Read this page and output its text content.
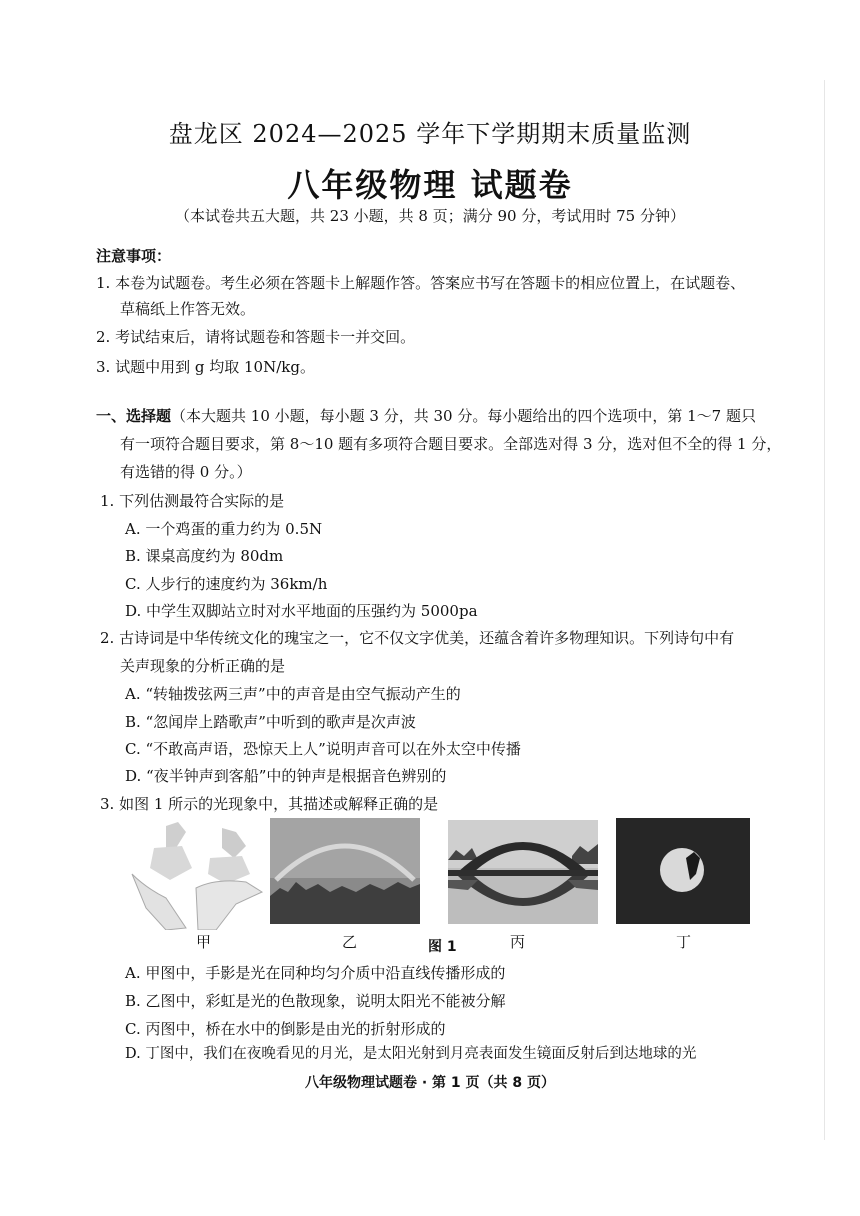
盘龙区 2024—2025 学年下学期期末质量监测
八年级物理 试题卷
（本试卷共五大题，共 23 小题，共 8 页；满分 90 分，考试用时 75 分钟）
注意事项：
1. 本卷为试题卷。考生必须在答题卡上解题作答。答案应书写在答题卡的相应位置上，在试题卷、
草稿纸上作答无效。
2. 考试结束后，请将试题卷和答题卡一并交回。
3. 试题中用到 g 均取 10N/kg。
一、选择题（本大题共 10 小题，每小题 3 分，共 30 分。每小题给出的四个选项中，第 1～7 题只
有一项符合题目要求，第 8～10 题有多项符合题目要求。全部选对得 3 分，选对但不全的得 1 分，
有选错的得 0 分。）
1. 下列估测最符合实际的是
A. 一个鸡蛋的重力约为 0.5N
B. 课桌高度约为 80dm
C. 人步行的速度约为 36km/h
D. 中学生双脚站立时对水平地面的压强约为 5000pa
2. 古诗词是中华传统文化的瑰宝之一，它不仅文字优美，还蕴含着许多物理知识。下列诗句中有
关声现象的分析正确的是
A. “转轴拨弦两三声”中的声音是由空气振动产生的
B. “忽闻岸上踏歌声”中听到的歌声是次声波
C. “不敢高声语，恐惊天上人”说明声音可以在外太空中传播
D. “夜半钟声到客船”中的钟声是根据音色辨别的
3. 如图 1 所示的光现象中，其描述或解释正确的是
甲	乙	图 1	丙	丁
A. 甲图中，手影是光在同种均匀介质中沿直线传播形成的
B. 乙图中，彩虹是光的色散现象，说明太阳光不能被分解
C. 丙图中，桥在水中的倒影是由光的折射形成的
D. 丁图中，我们在夜晚看见的月光，是太阳光射到月亮表面发生镜面反射后到达地球的光
八年级物理试题卷 · 第 1 页（共 8 页）
